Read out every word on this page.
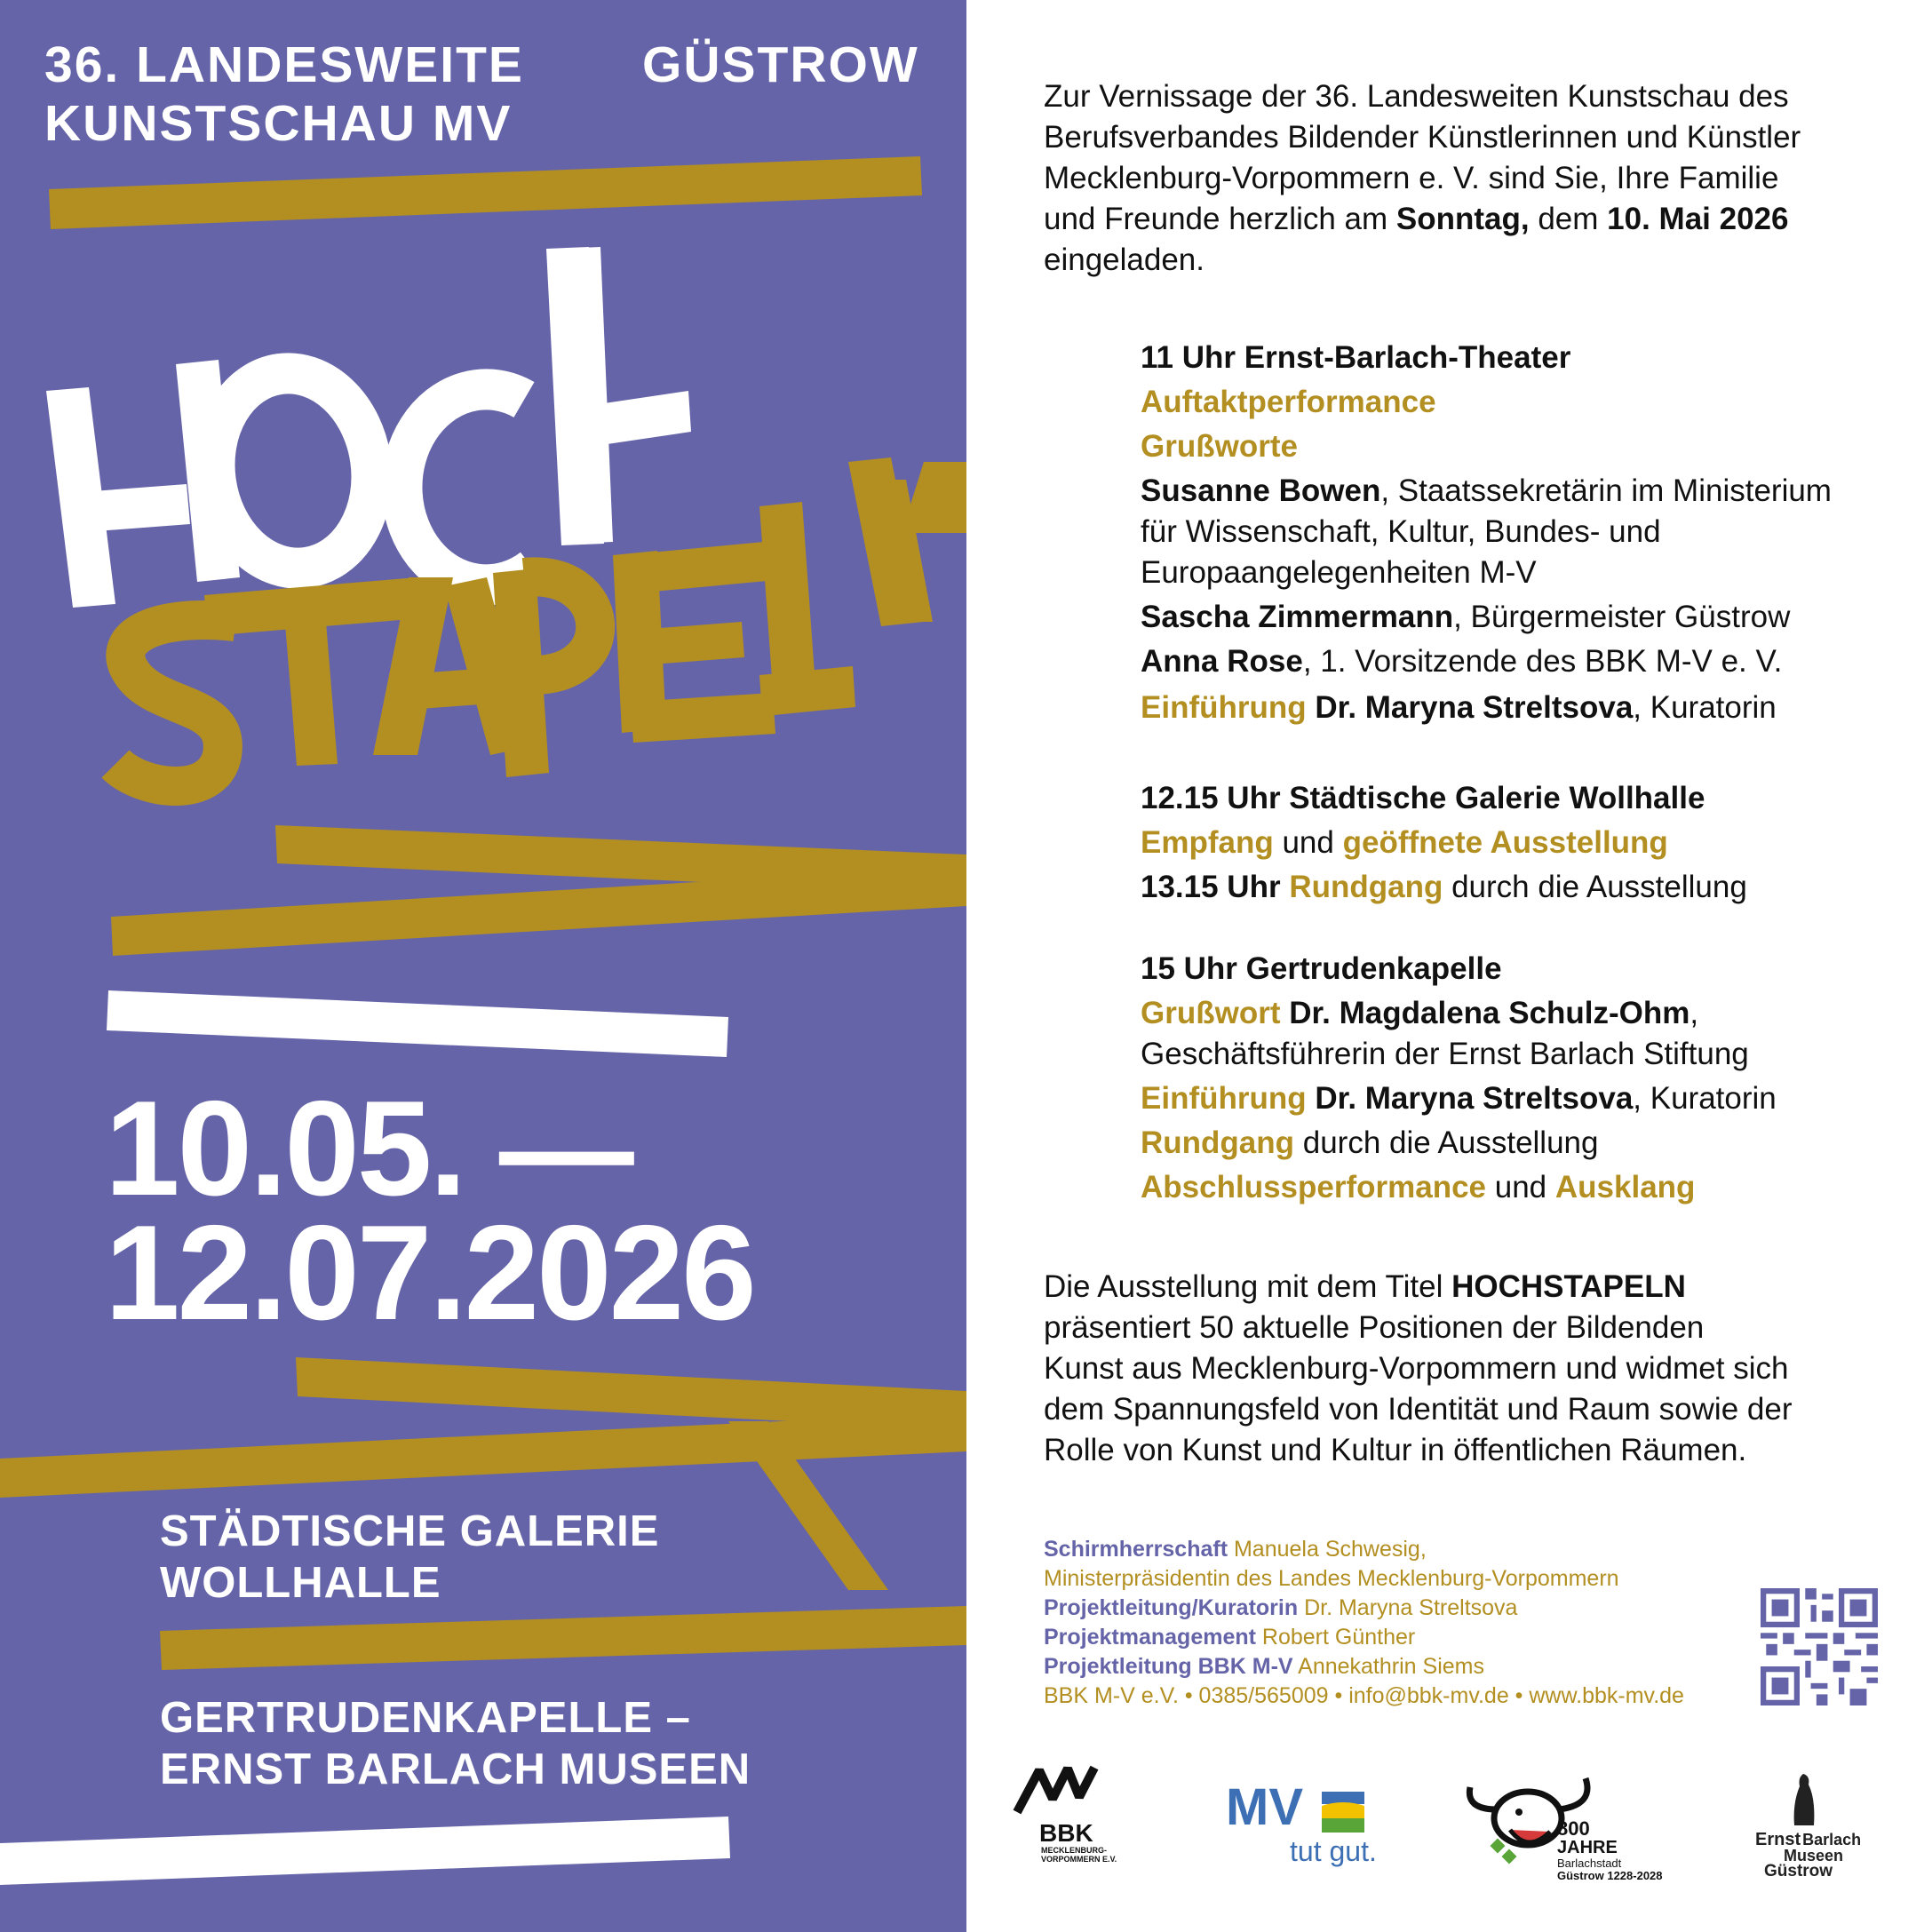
36. LANDESWEITE
KUNSTSCHAU MV
GÜSTROW
10.05. —
12.07.2026
STÄDTISCHE GALERIE
WOLLHALLE
GERTRUDENKAPELLE –
ERNST BARLACH MUSEEN
Zur Vernissage der 36. Landesweiten Kunstschau des
Berufsverbandes Bildender Künstlerinnen und Künstler
Mecklenburg-Vorpommern e. V. sind Sie, Ihre Familie
und Freunde herzlich am Sonntag, dem 10. Mai 2026
eingeladen.
11 Uhr Ernst-Barlach-Theater
Auftaktperformance
Grußworte
Susanne Bowen, Staatssekretärin im Ministerium
für Wissenschaft, Kultur, Bundes- und
Europaangelegenheiten M-V
Sascha Zimmermann, Bürgermeister Güstrow
Anna Rose, 1. Vorsitzende des BBK M-V e. V.
Einführung Dr. Maryna Streltsova, Kuratorin
12.15 Uhr Städtische Galerie Wollhalle
Empfang und geöffnete Ausstellung
13.15 Uhr Rundgang durch die Ausstellung
15 Uhr Gertrudenkapelle
Grußwort Dr. Magdalena Schulz-Ohm,
Geschäftsführerin der Ernst Barlach Stiftung
Einführung Dr. Maryna Streltsova, Kuratorin
Rundgang durch die Ausstellung
Abschlussperformance und Ausklang
Die Ausstellung mit dem Titel HOCHSTAPELN
präsentiert 50 aktuelle Positionen der Bildenden
Kunst aus Mecklenburg-Vorpommern und widmet sich
dem Spannungsfeld von Identität und Raum sowie der
Rolle von Kunst und Kultur in öffentlichen Räumen.
Schirmherrschaft Manuela Schwesig,
Ministerpräsidentin des Landes Mecklenburg-Vorpommern
Projektleitung/Kuratorin Dr. Maryna Streltsova
Projektmanagement Robert Günther
Projektleitung BBK M-V Annekathrin Siems
BBK M-V e.V. • 0385/565009 • info@bbk-mv.de • www.bbk-mv.de
BBK
MECKLENBURG-
VORPOMMERN E.V.
MV
tut gut.
800
JAHRE
Barlachstadt
Güstrow 1228-2028
Ernst Barlach
Museen
Güstrow
